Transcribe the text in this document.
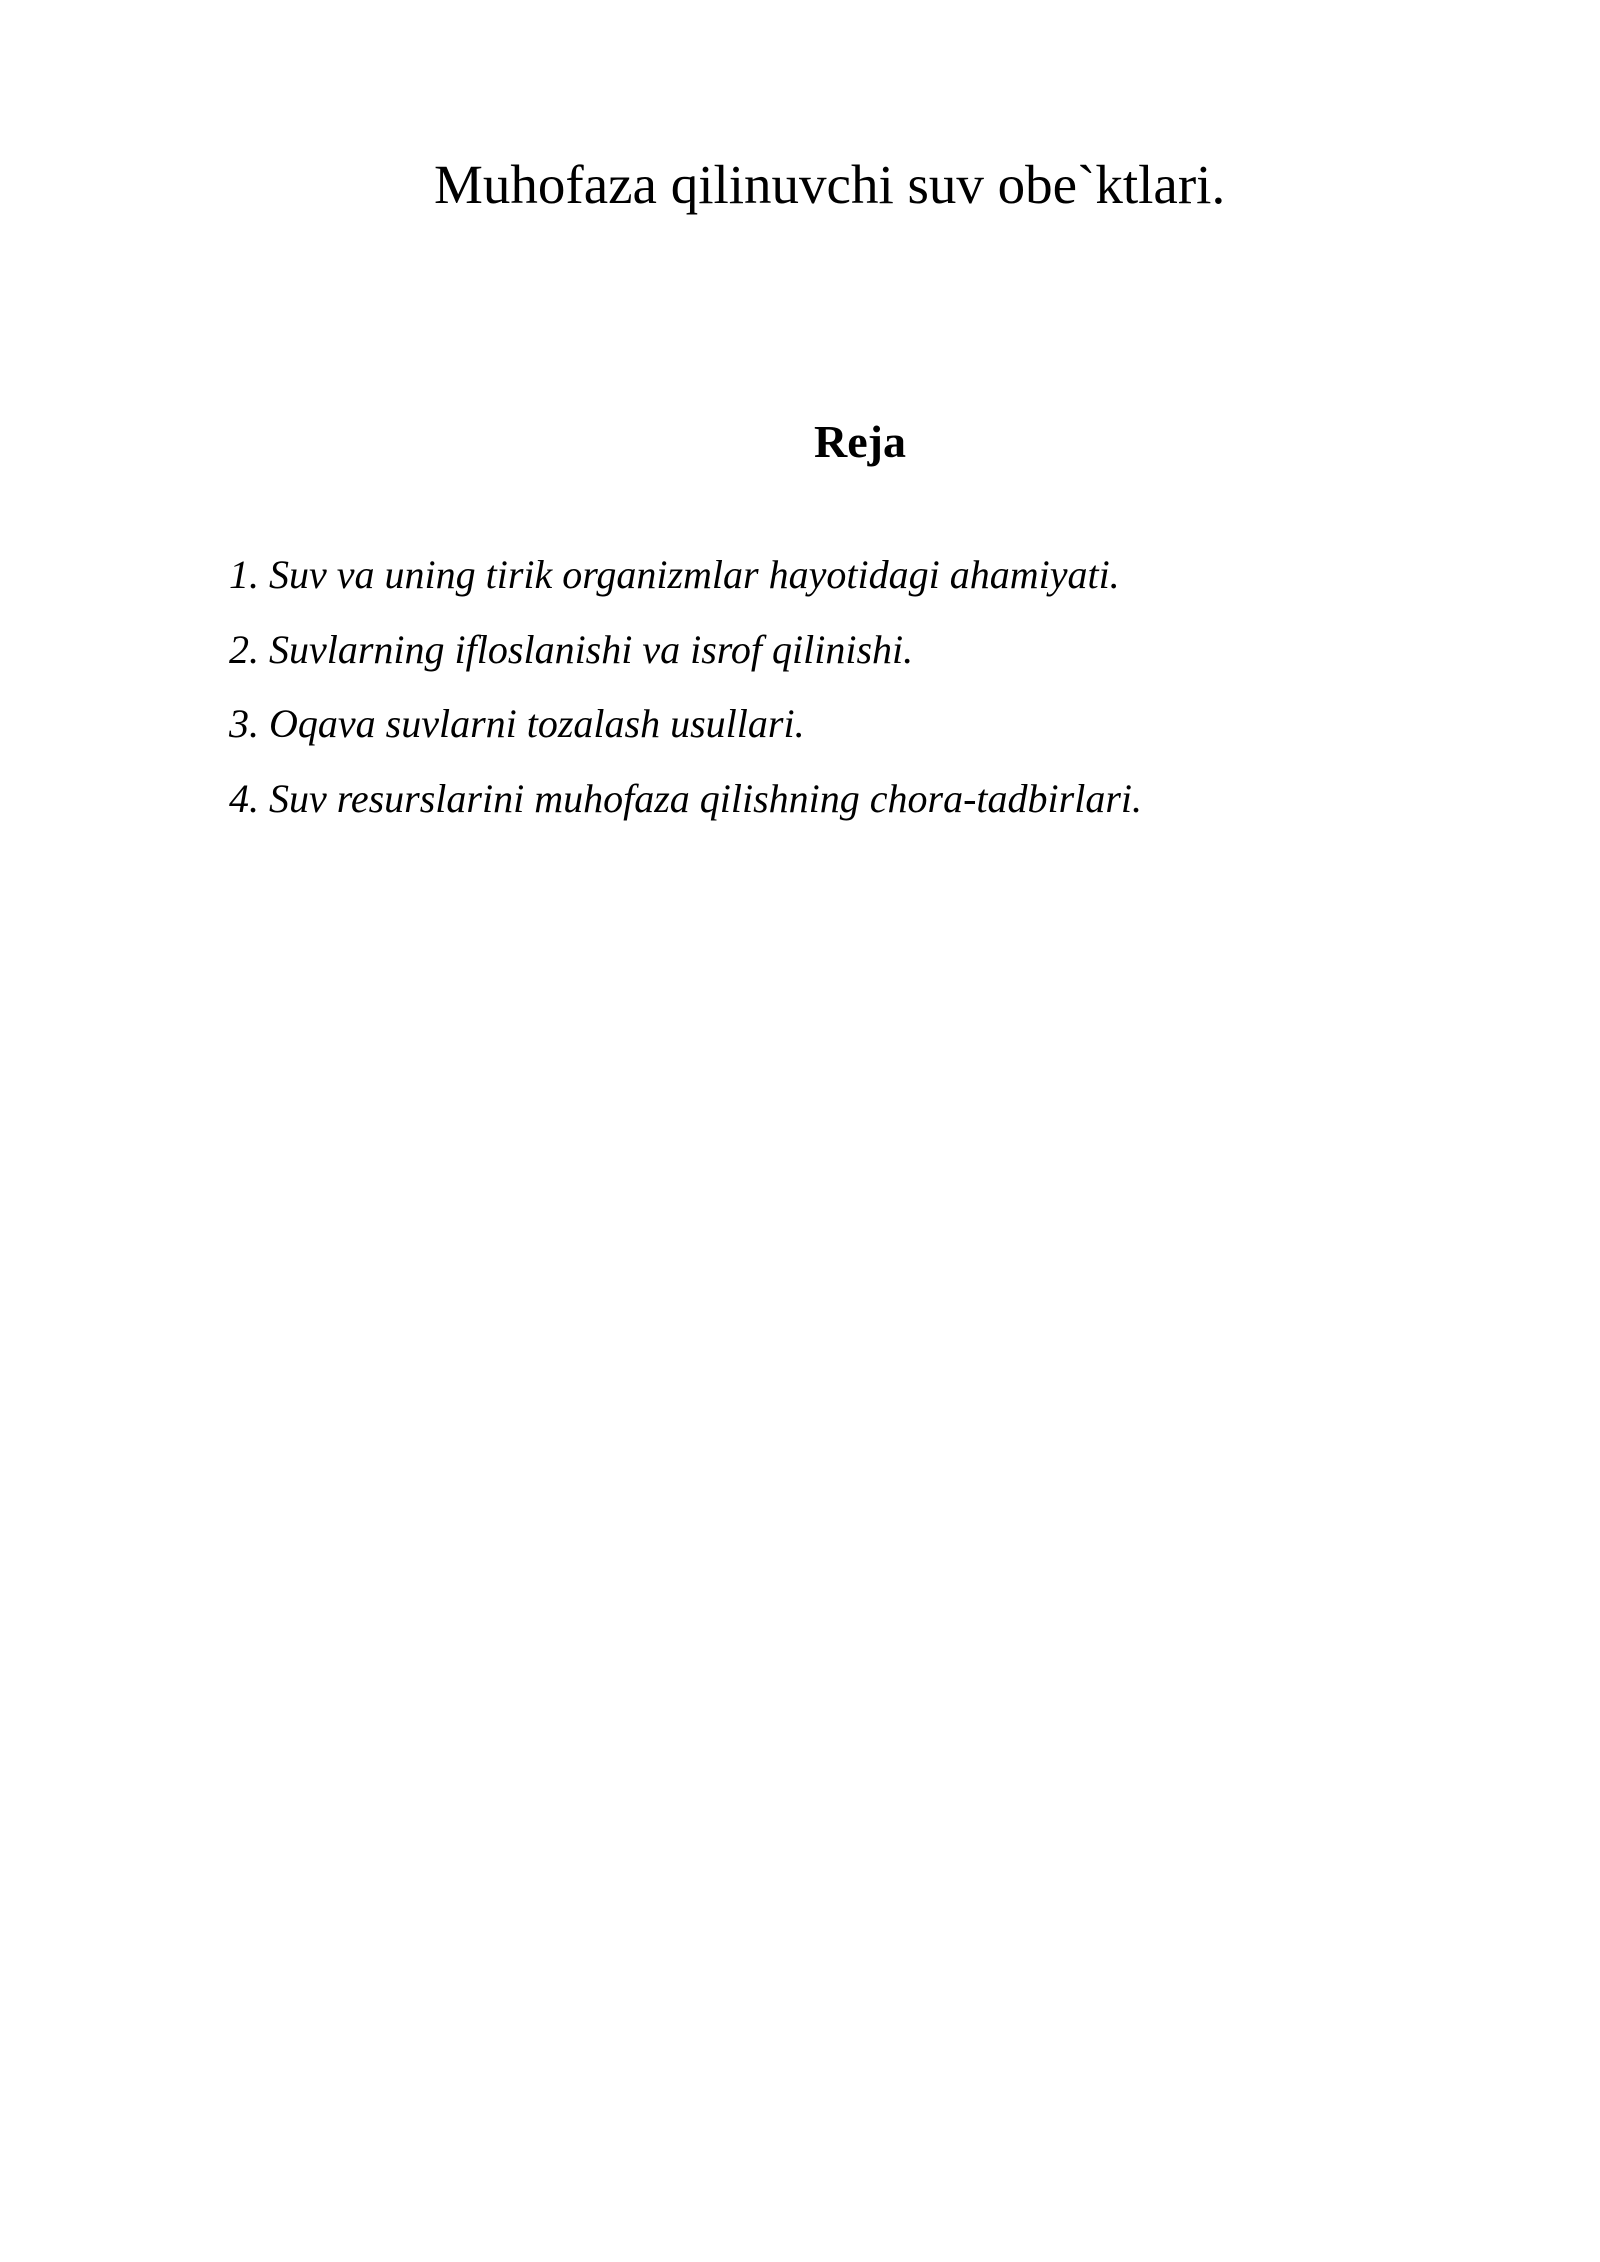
Muhofaza qilinuvchi suv obe`ktlari.
Reja
1. Suv va uning tirik organizmlar hayotidagi ahamiyati.
2. Suvlarning ifloslanishi va isrof qilinishi.
3. Oqava suvlarni tozalash usullari.
4. Suv resurslarini muhofaza qilishning chora-tadbirlari.
